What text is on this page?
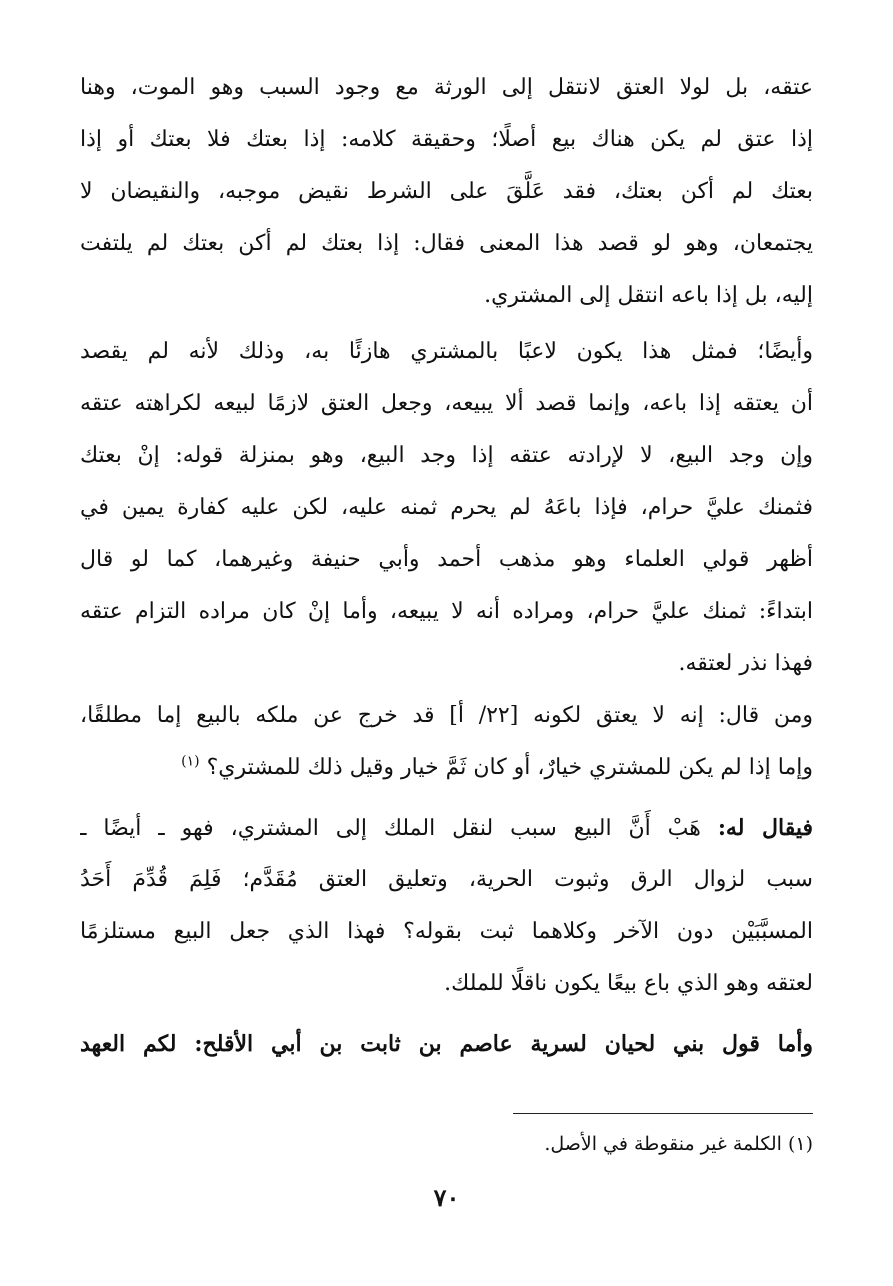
عتقه، بل لولا العتق لانتقل إلى الورثة مع وجود السبب وهو الموت، وهنا
إذا عتق لم يكن هناك بيع أصلًا؛ وحقيقة كلامه: إذا بعتك فلا بعتك أو إذا
بعتك لم أكن بعتك، فقد عَلَّقَ على الشرط نقيض موجبه، والنقيضان لا
يجتمعان، وهو لو قصد هذا المعنى فقال: إذا بعتك لم أكن بعتك لم يلتفت
إليه، بل إذا باعه انتقل إلى المشتري.
وأيضًا؛ فمثل هذا يكون لاعبًا بالمشتري هازئًا به، وذلك لأنه لم يقصد
أن يعتقه إذا باعه، وإنما قصد ألا يبيعه، وجعل العتق لازمًا لبيعه لكراهته عتقه
وإن وجد البيع، لا لإرادته عتقه إذا وجد البيع، وهو بمنزلة قوله: إنْ بعتك
فثمنك عليَّ حرام، فإذا باعَهُ لم يحرم ثمنه عليه، لكن عليه كفارة يمين في
أظهر قولي العلماء وهو مذهب أحمد وأبي حنيفة وغيرهما، كما لو قال
ابتداءً: ثمنك عليَّ حرام، ومراده أنه لا يبيعه، وأما إنْ كان مراده التزام عتقه
فهذا نذر لعتقه.
ومن قال: إنه لا يعتق لكونه [٢٢/ أ] قد خرج عن ملكه بالبيع إما مطلقًا،
وإما إذا لم يكن للمشتري خيارٌ، أو كان ثَمَّ خيار وقيل ذلك للمشتري؟ $^{(١)}$
فيقال له: هَبْ أَنَّ البيع سبب لنقل الملك إلى المشتري، فهو ـ أيضًا ـ
سبب لزوال الرق وثبوت الحرية، وتعليق العتق مُقَدَّم؛ فَلِمَ قُدِّمَ أَحَدُ
المسبَّبَيْن دون الآخر وكلاهما ثبت بقوله؟ فهذا الذي جعل البيع مستلزمًا
لعتقه وهو الذي باع بيعًا يكون ناقلًا للملك.
وأما قول بني لحيان لسرية عاصم بن ثابت بن أبي الأقلح: لكم العهد
(١) الكلمة غير منقوطة في الأصل.
٧٠
